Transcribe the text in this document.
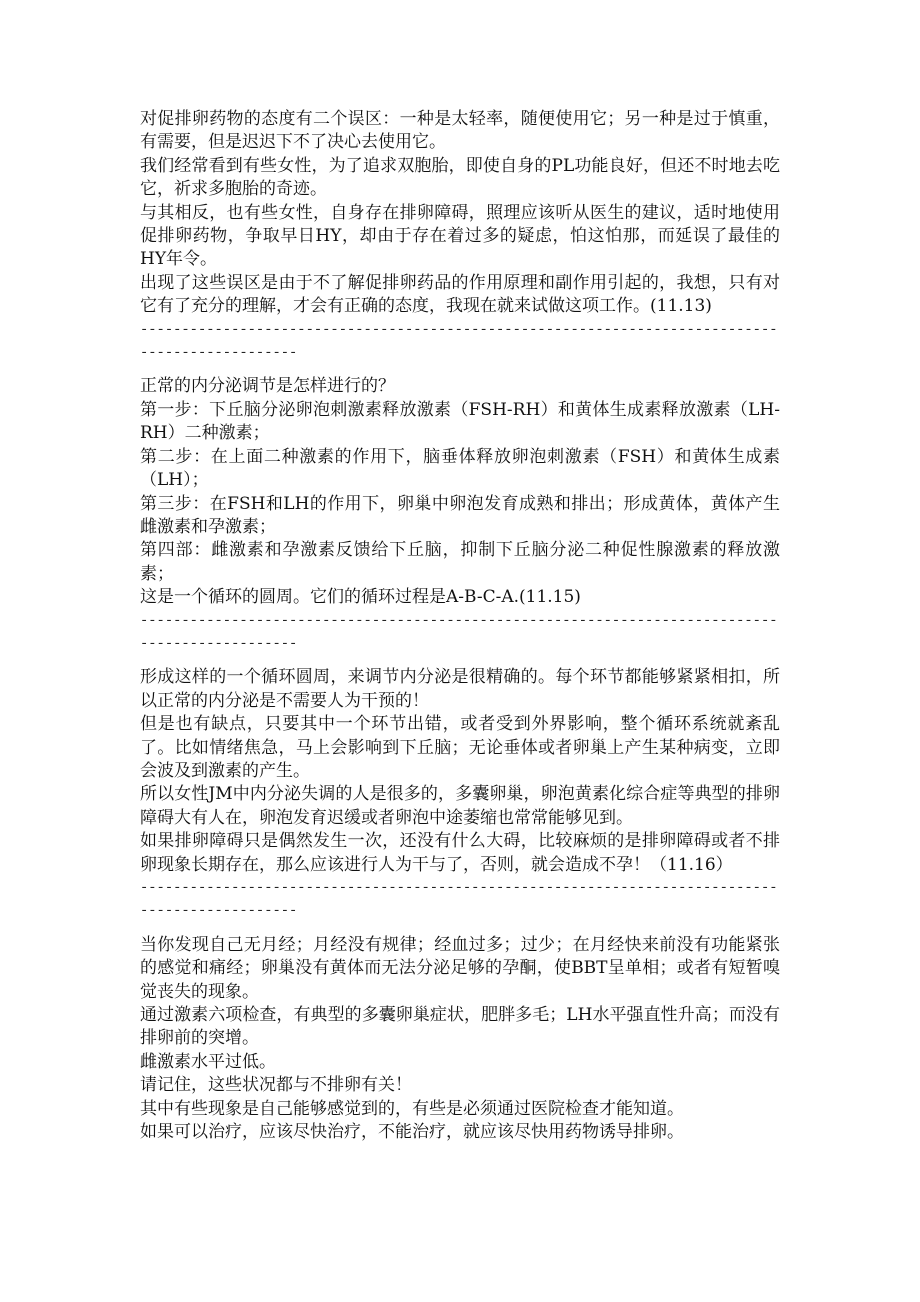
对促排卵药物的态度有二个误区：一种是太轻率，随便使用它；另一种是过于慎重，有需要，但是迟迟下不了决心去使用它。

我们经常看到有些女性，为了追求双胞胎，即使自身的PL功能良好，但还不时地去吃它，祈求多胞胎的奇迹。

与其相反，也有些女性，自身存在排卵障碍，照理应该听从医生的建议，适时地使用促排卵药物，争取早日HY，却由于存在着过多的疑虑，怕这怕那，而延误了最佳的HY年令。

出现了这些误区是由于不了解促排卵药品的作用原理和副作用引起的，我想，只有对它有了充分的理解，才会有正确的态度，我现在就来试做这项工作。(11.13)

------------------------------------------------------------------------------------------------

正常的内分泌调节是怎样进行的？

第一步：下丘脑分泌卵泡刺激素释放激素（FSH-RH）和黄体生成素释放激素（LH-RH）二种激素；

第二步：在上面二种激素的作用下，脑垂体释放卵泡刺激素（FSH）和黄体生成素（LH）；

第三步：在FSH和LH的作用下，卵巢中卵泡发育成熟和排出；形成黄体，黄体产生雌激素和孕激素；

第四部：雌激素和孕激素反馈给下丘脑，抑制下丘脑分泌二种促性腺激素的释放激素；

这是一个循环的圆周。它们的循环过程是A-B-C-A.(11.15)

------------------------------------------------------------------------------------------------

形成这样的一个循环圆周，来调节内分泌是很精确的。每个环节都能够紧紧相扣，所以正常的内分泌是不需要人为干预的！

但是也有缺点，只要其中一个环节出错，或者受到外界影响，整个循环系统就紊乱了。比如情绪焦急，马上会影响到下丘脑；无论垂体或者卵巢上产生某种病变，立即会波及到激素的产生。

所以女性JM中内分泌失调的人是很多的，多囊卵巢，卵泡黄素化综合症等典型的排卵障碍大有人在，卵泡发育迟缓或者卵泡中途萎缩也常常能够见到。

如果排卵障碍只是偶然发生一次，还没有什么大碍，比较麻烦的是排卵障碍或者不排卵现象长期存在，那么应该进行人为干与了，否则，就会造成不孕！（11.16）

------------------------------------------------------------------------------------------------

当你发现自己无月经；月经没有规律；经血过多；过少；在月经快来前没有功能紧张的感觉和痛经；卵巢没有黄体而无法分泌足够的孕酮，使BBT呈单相；或者有短暂嗅觉丧失的现象。

通过激素六项检查，有典型的多囊卵巢症状，肥胖多毛；LH水平强直性升高；而没有排卵前的突增。

雌激素水平过低。

请记住，这些状况都与不排卵有关！

其中有些现象是自己能够感觉到的，有些是必须通过医院检查才能知道。

如果可以治疗，应该尽快治疗，不能治疗，就应该尽快用药物诱导排卵。
